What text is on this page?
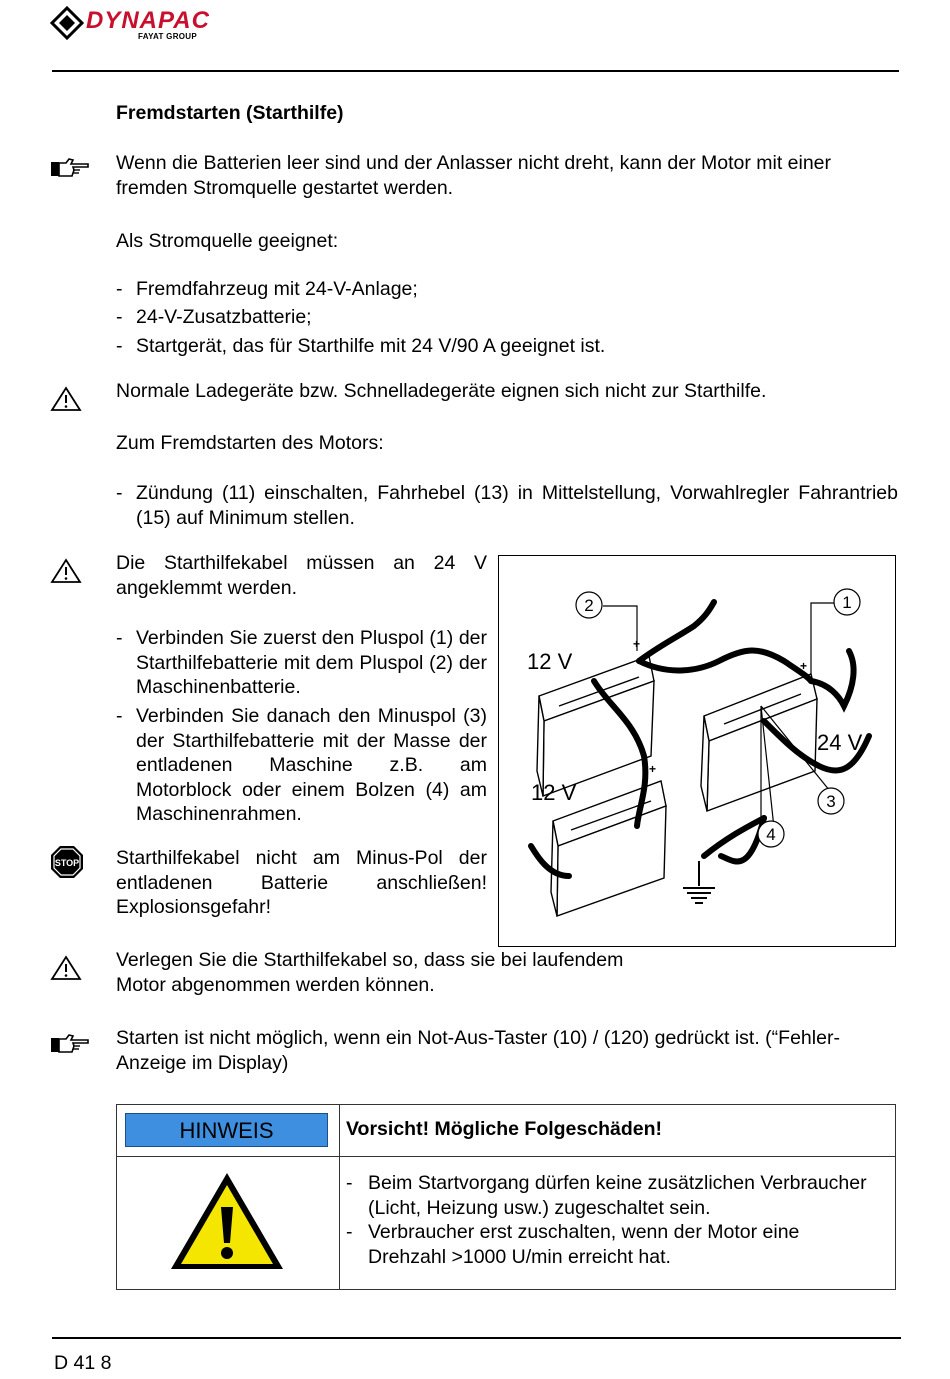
DYNAPAC
FAYAT GROUP
Fremdstarten (Starthilfe)
Wenn die Batterien leer sind und der Anlasser nicht dreht, kann der Motor mit einer fremden Stromquelle gestartet werden.
Als Stromquelle geeignet:
- Fremdfahrzeug mit 24-V-Anlage;
- 24-V-Zusatzbatterie;
- Startgerät, das für Starthilfe mit 24 V/90 A geeignet ist.
Normale Ladegeräte bzw. Schnelladegeräte eignen sich nicht zur Starthilfe.
Zum Fremdstarten des Motors:
- Zündung (11) einschalten, Fahrhebel (13) in Mittelstellung, Vorwahlregler Fahrantrieb (15) auf Minimum stellen.
Die Starthilfekabel müssen an 24 V angeklemmt werden.
- Verbinden Sie zuerst den Pluspol (1) der Starthilfebatterie mit dem Pluspol (2) der Maschinenbatterie.
- Verbinden Sie danach den Minuspol (3) der Starthilfebatterie mit der Masse der entladenen Maschine z.B. am Motorblock oder einem Bolzen (4) am Maschinenrahmen.
STOP Starthilfekabel nicht am Minus-Pol der entladenen Batterie anschließen! Explosionsgefahr!
Verlegen Sie die Starthilfekabel so, dass sie bei laufendem Motor abgenommen werden können.
Starten ist nicht möglich, wenn ein Not-Aus-Taster (10) / (120) gedrückt ist. (“Fehler-Anzeige im Display)
+
+
+
12 V
12 V
24 V
1
2
3
4
HINWEIS	Vorsicht! Mögliche Folgeschäden!

- Beim Startvorgang dürfen keine zusätzlichen Verbraucher (Licht, Heizung usw.) zugeschaltet sein.
- Verbraucher erst zuschalten, wenn der Motor eine Drehzahl >1000 U/min erreicht hat.
D 41 8
